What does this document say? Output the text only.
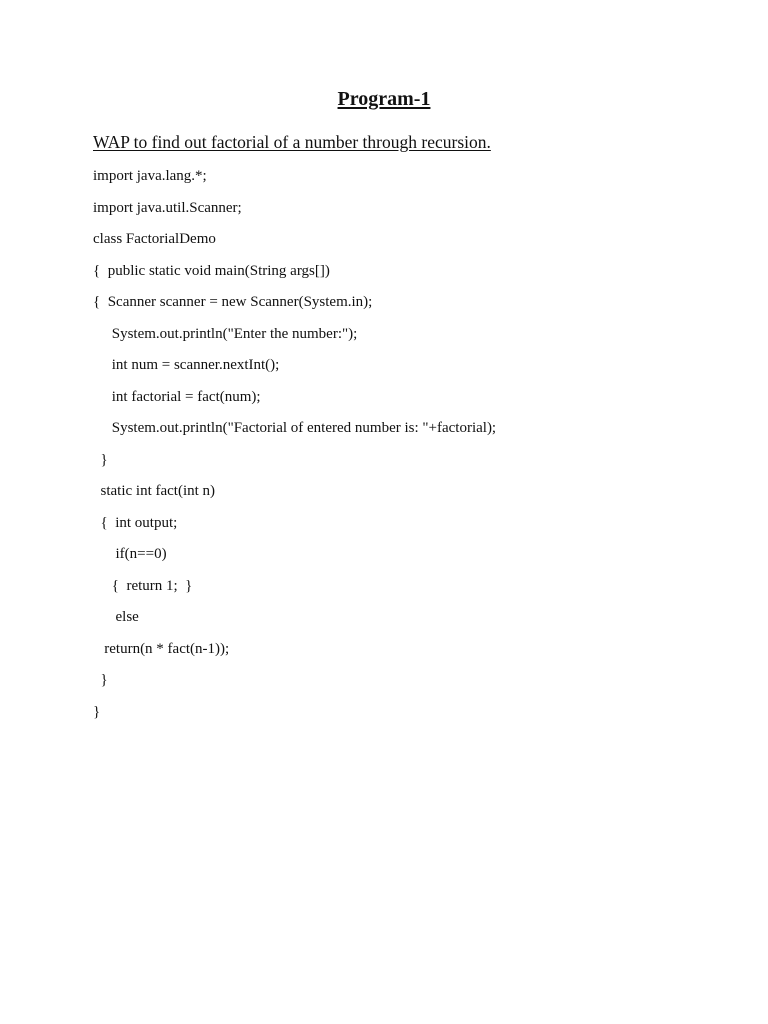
Program-1
WAP to find out factorial of a number through recursion.
import java.lang.*;
import java.util.Scanner;
class FactorialDemo
{  public static void main(String args[])
{  Scanner scanner = new Scanner(System.in);
System.out.println("Enter the number:");
int num = scanner.nextInt();
int factorial = fact(num);
System.out.println("Factorial of entered number is: "+factorial);
}
static int fact(int n)
{  int output;
if(n==0)
{  return 1;  }
else
return(n * fact(n-1));
}
}
